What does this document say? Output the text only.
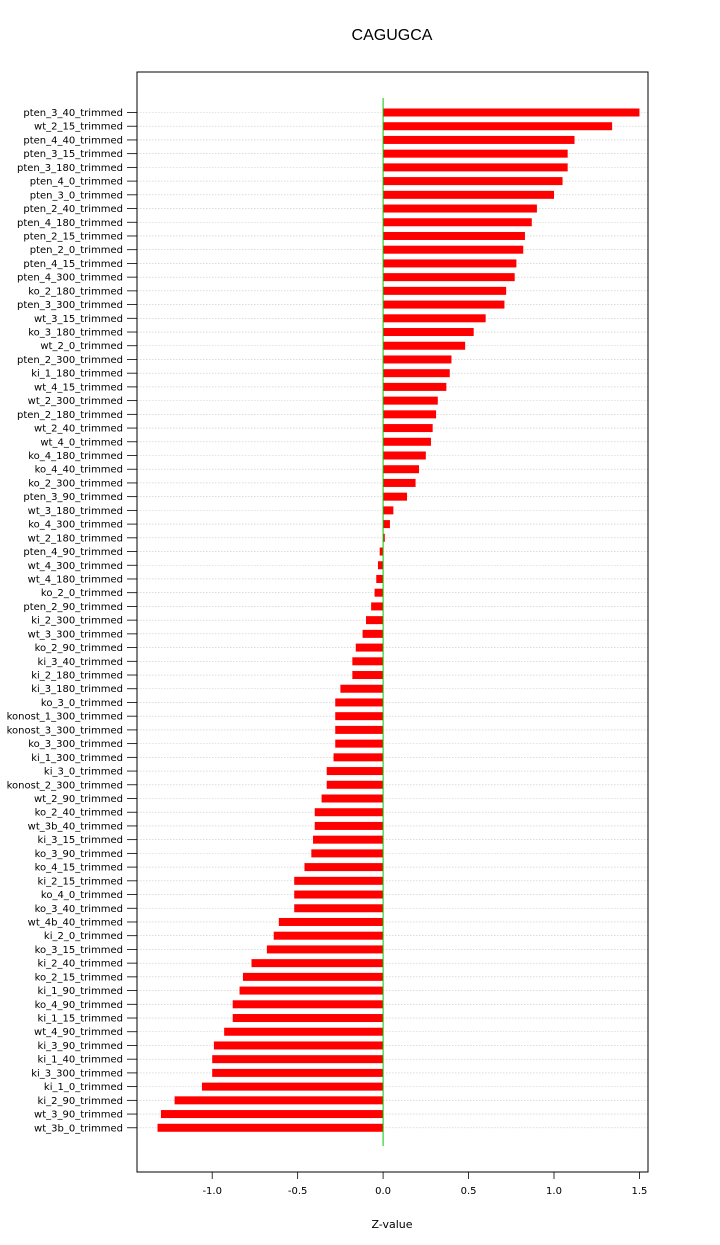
CAGUGCA
pten_3_40_trimmed
wt_2_15_trimmed
pten_4_40_trimmed
pten_3_15_trimmed
pten_3_180_trimmed
pten_4_0_trimmed
pten_3_0_trimmed
pten_2_40_trimmed
pten_4_180_trimmed
pten_2_15_trimmed
pten_2_0_trimmed
pten_4_15_trimmed
pten_4_300_trimmed
ko_2_180_trimmed
pten_3_300_trimmed
wt_3_15_trimmed
ko_3_180_trimmed
wt_2_0_trimmed
pten_2_300_trimmed
ki_1_180_trimmed
wt_4_15_trimmed
wt_2_300_trimmed
pten_2_180_trimmed
wt_2_40_trimmed
wt_4_0_trimmed
ko_4_180_trimmed
ko_4_40_trimmed
ko_2_300_trimmed
pten_3_90_trimmed
wt_3_180_trimmed
ko_4_300_trimmed
wt_2_180_trimmed
pten_4_90_trimmed
wt_4_300_trimmed
wt_4_180_trimmed
ko_2_0_trimmed
pten_2_90_trimmed
ki_2_300_trimmed
wt_3_300_trimmed
ko_2_90_trimmed
ki_3_40_trimmed
ki_2_180_trimmed
ki_3_180_trimmed
ko_3_0_trimmed
konost_1_300_trimmed
konost_3_300_trimmed
ko_3_300_trimmed
ki_1_300_trimmed
ki_3_0_trimmed
konost_2_300_trimmed
wt_2_90_trimmed
ko_2_40_trimmed
wt_3b_40_trimmed
ki_3_15_trimmed
ko_3_90_trimmed
ko_4_15_trimmed
ki_2_15_trimmed
ko_4_0_trimmed
ko_3_40_trimmed
wt_4b_40_trimmed
ki_2_0_trimmed
ko_3_15_trimmed
ki_2_40_trimmed
ko_2_15_trimmed
ki_1_90_trimmed
ko_4_90_trimmed
ki_1_15_trimmed
wt_4_90_trimmed
ki_3_90_trimmed
ki_1_40_trimmed
ki_3_300_trimmed
ki_1_0_trimmed
ki_2_90_trimmed
wt_3_90_trimmed
wt_3b_0_trimmed
-1.0	-0.5	0.0	0.5	1.0	1.5
Z-value
